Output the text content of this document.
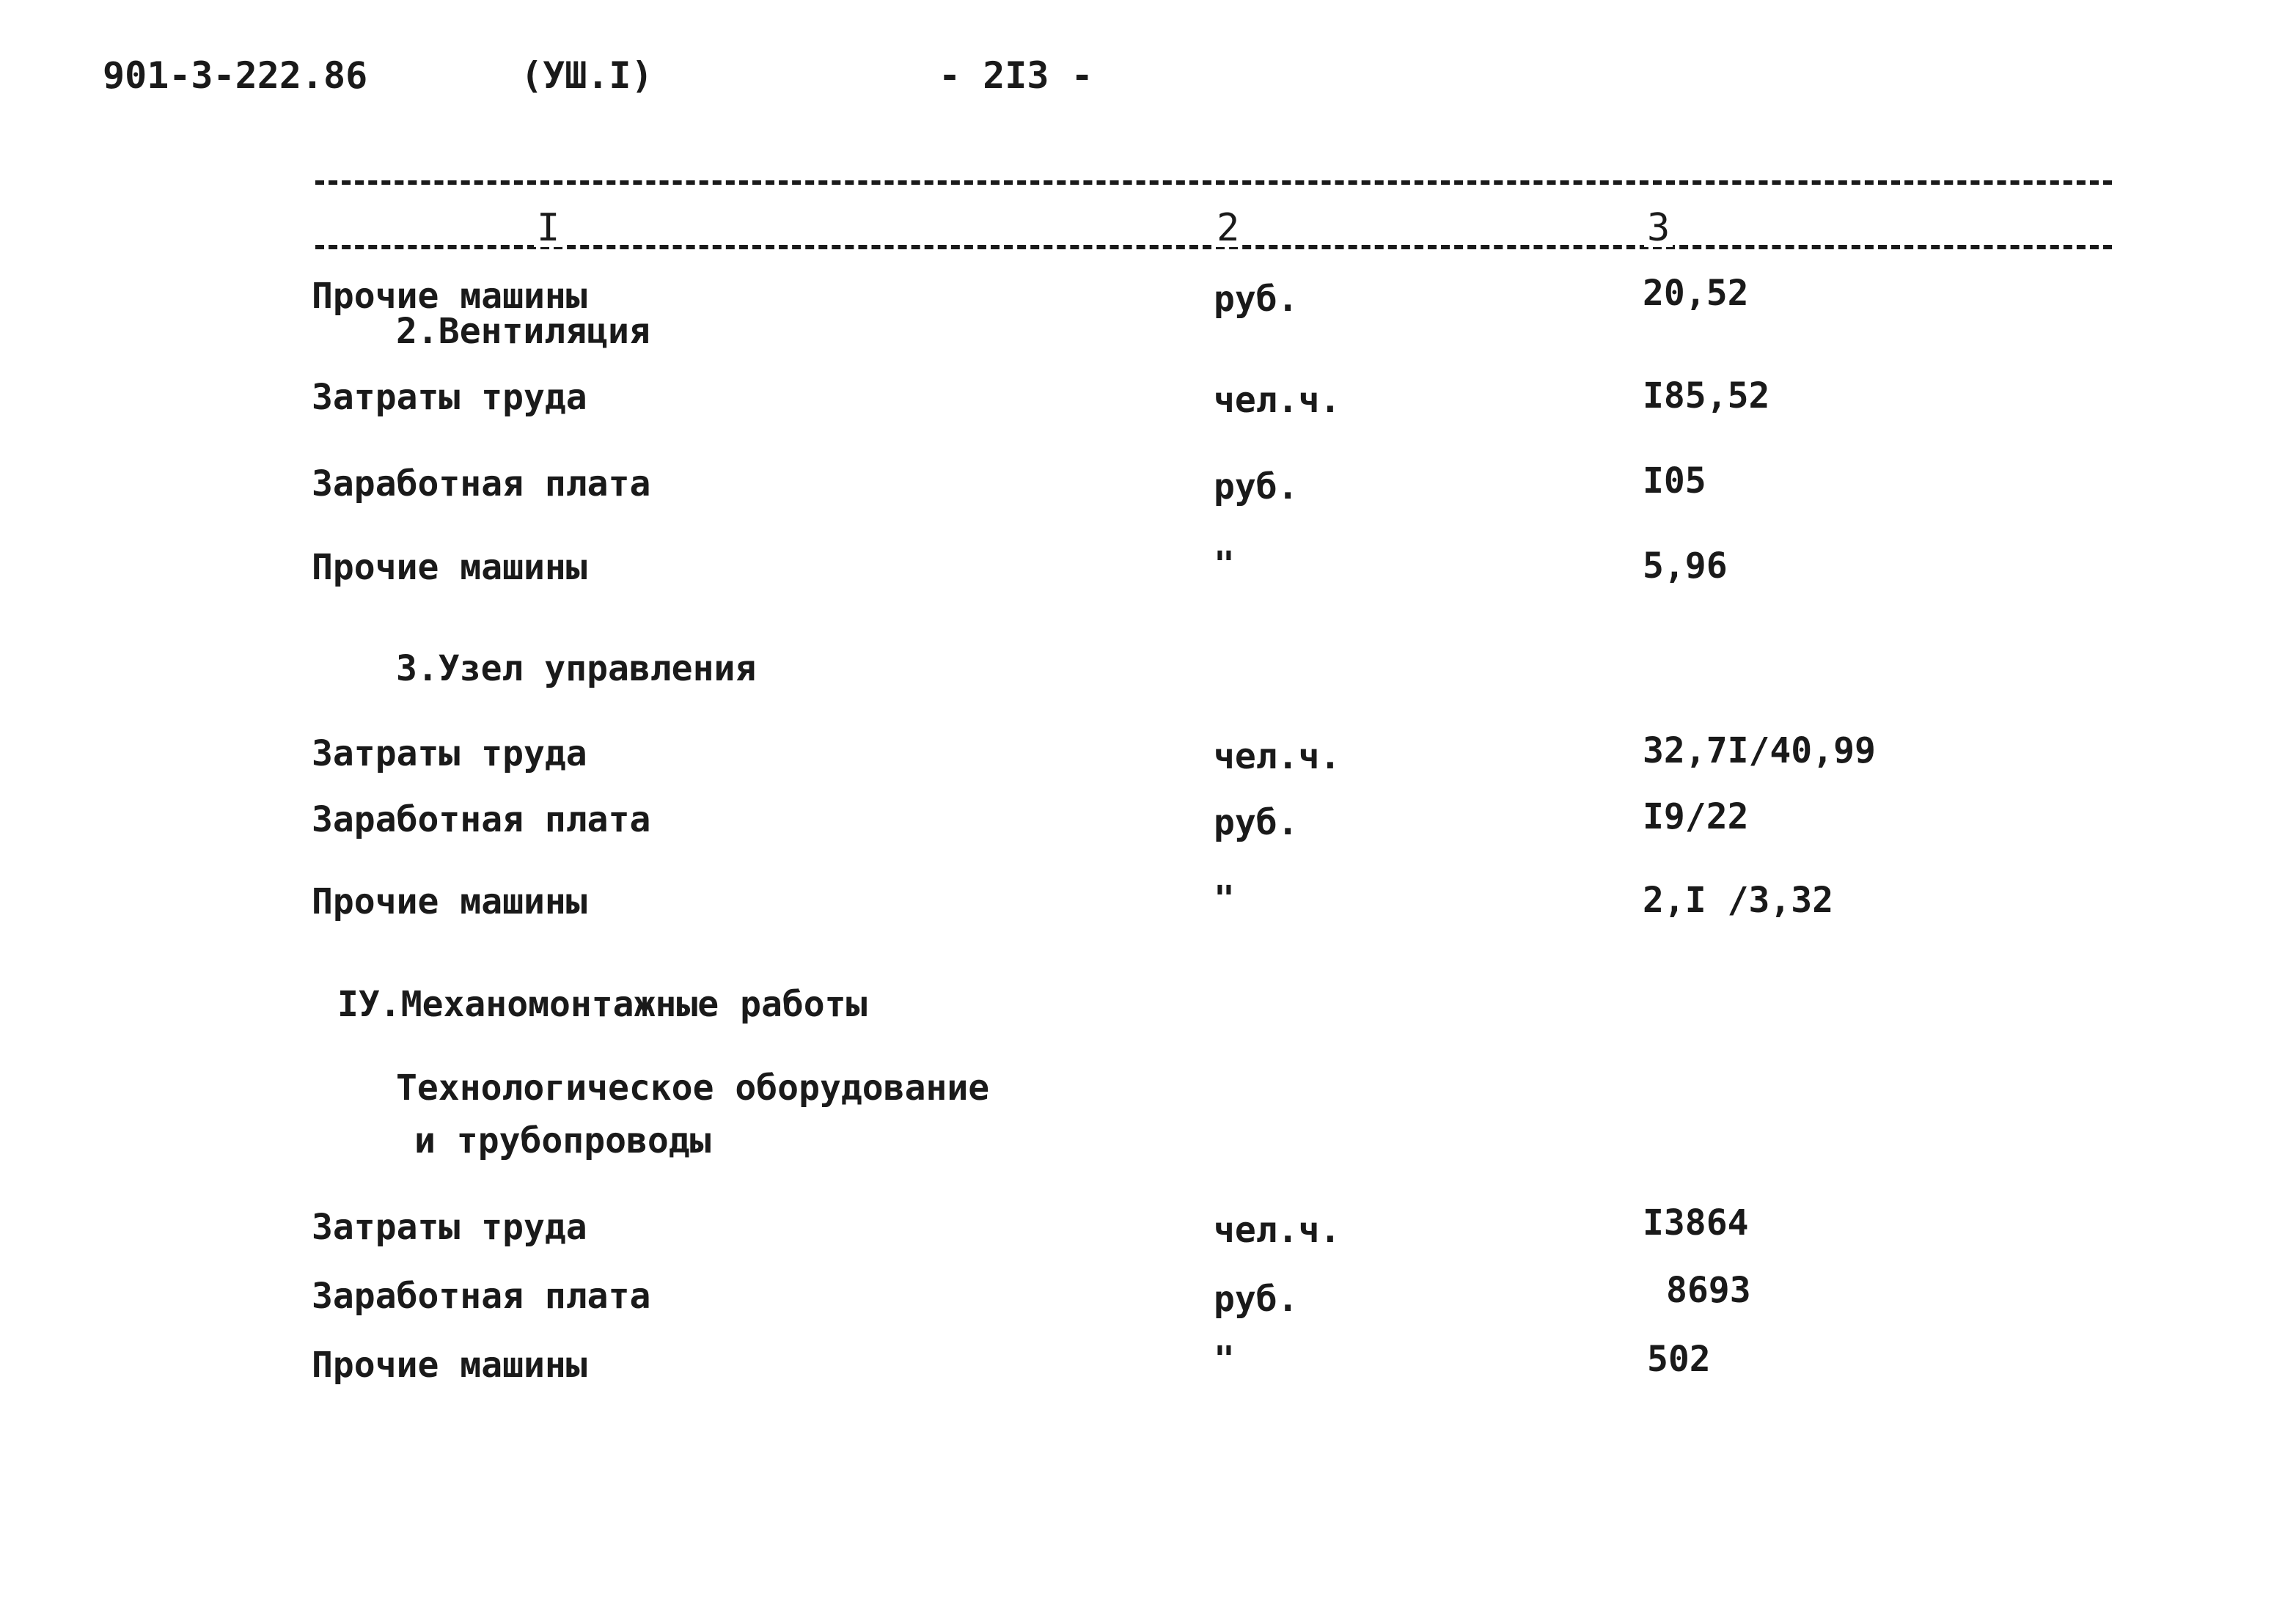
901-3-222.86	(УШ.I)	- 2I3 -
I	2	3
Прочие машины	руб.	20,52
2.Вентиляция
Затраты труда	чел.ч.	I85,52
Заработная плата	руб.	I05
Прочие машины	"	5,96
3.Узел управления
Затраты труда	чел.ч.	32,7I/40,99
Заработная плата	руб.	I9/22
Прочие машины	"	2,I /3,32
IУ.Механомонтажные работы
Технологическое оборудование
и трубопроводы
Затраты труда	чел.ч.	I3864
Заработная плата	руб.	8693
Прочие машины	"	502
